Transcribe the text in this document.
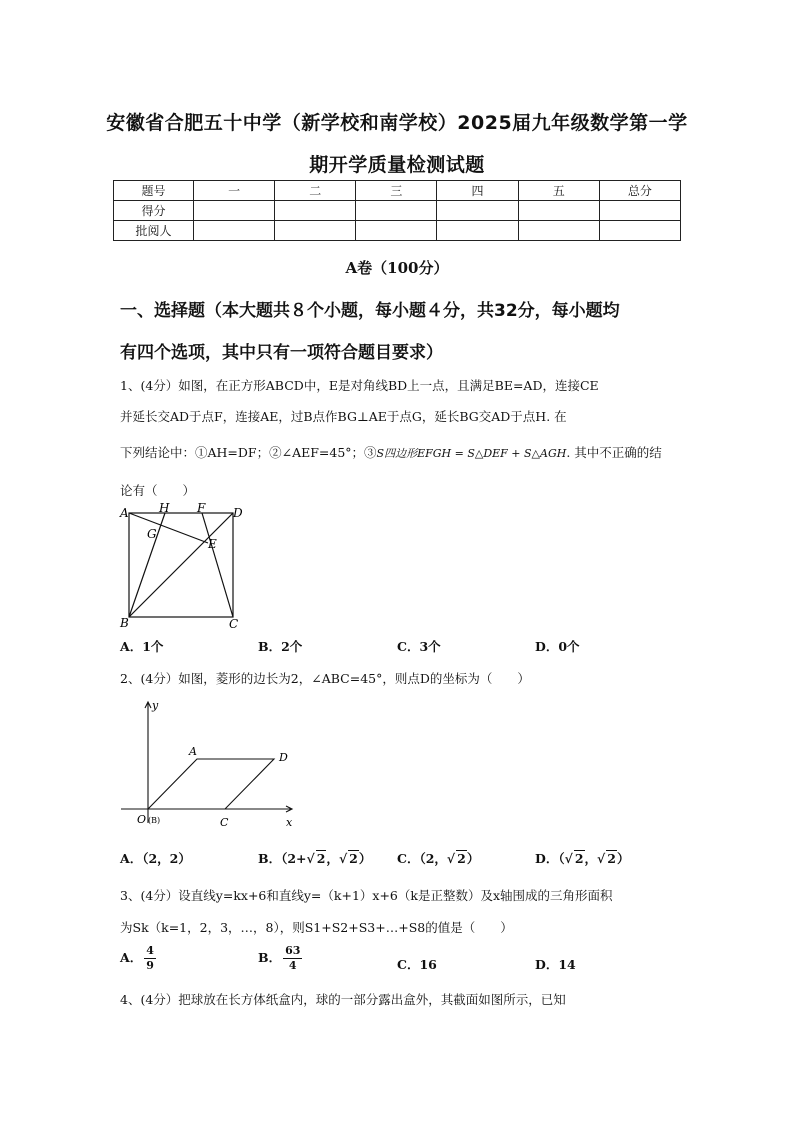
安徽省合肥五十中学（新学校和南学校）2025届九年级数学第一学
期开学质量检测试题
题号	一	二	三	四	五	总分
得分						
批阅人						
A卷（100分）
一、选择题（本大题共８个小题，每小题４分，共32分，每小题均
有四个选项，其中只有一项符合题目要求）
1、(4分）如图，在正方形ABCD中，E是对角线BD上一点，且满足BE=AD，连接CE
并延长交AD于点F，连接AE，过B点作BG⊥AE于点G，延长BG交AD于点H. 在
下列结论中：①AH=DF；②∠AEF=45°；③S四边形EFGH = S△DEF + S△AGH. 其中不正确的结
论有（　　）
A	H F D
G
E
B	C
A．1个	B．2个	C．3个	D．0个
2、(4分）如图，菱形的边长为2，∠ABC=45°，则点D的坐标为（　　）
y
A	D
O (B)	C	x
A．（2，2）	B．（2+√ 2，√ 2） C．（2，√ 2）	D．（√ 2，√ 2）
3、(4分）设直线y=kx+6和直线y=（k+1）x+6（k是正整数）及x轴围成的三角形面积
为Sk（k=1，2，3，…，8），则S1+S2+S3+…+S8的值是（　　）
A． $\frac{4}{9}$	B． $\frac{63}{4}$	C．16	D．14
4、(4分）把球放在长方体纸盒内，球的一部分露出盒外，其截面如图所示，已知
